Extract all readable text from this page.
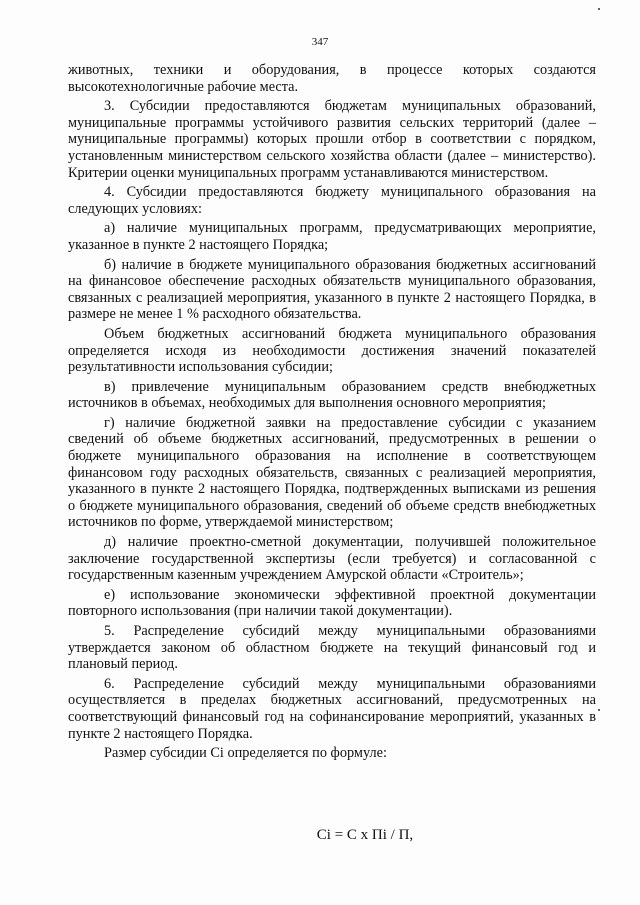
347

животных, техники и оборудования, в процессе которых создаются высокотехнологичные рабочие места.

3. Субсидии предоставляются бюджетам муниципальных образований, муниципальные программы устойчивого развития сельских территорий (далее – муниципальные программы) которых прошли отбор в соответствии с порядком, установленным министерством сельского хозяйства области (далее – министерство). Критерии оценки муниципальных программ устанавливаются министерством.

4. Субсидии предоставляются бюджету муниципального образования на следующих условиях:

а) наличие муниципальных программ, предусматривающих мероприятие, указанное в пункте 2 настоящего Порядка;

б) наличие в бюджете муниципального образования бюджетных ассигнований на финансовое обеспечение расходных обязательств муниципального образования, связанных с реализацией мероприятия, указанного в пункте 2 настоящего Порядка, в размере не менее 1 % расходного обязательства.

Объем бюджетных ассигнований бюджета муниципального образования определяется исходя из необходимости достижения значений показателей результативности использования субсидии;

в) привлечение муниципальным образованием средств внебюджетных источников в объемах, необходимых для выполнения основного мероприятия;

г) наличие бюджетной заявки на предоставление субсидии с указанием сведений об объеме бюджетных ассигнований, предусмотренных в решении о бюджете муниципального образования на исполнение в соответствующем финансовом году расходных обязательств, связанных с реализацией мероприятия, указанного в пункте 2 настоящего Порядка, подтвержденных выписками из решения о бюджете муниципального образования, сведений об объеме средств внебюджетных источников по форме, утверждаемой министерством;

д) наличие проектно-сметной документации, получившей положительное заключение государственной экспертизы (если требуется) и согласованной с государственным казенным учреждением Амурской области «Строитель»;

е) использование экономически эффективной проектной документации повторного использования (при наличии такой документации).

5. Распределение субсидий между муниципальными образованиями утверждается законом об областном бюджете на текущий финансовый год и плановый период.

6. Распределение субсидий между муниципальными образованиями осуществляется в пределах бюджетных ассигнований, предусмотренных на соответствующий финансовый год на софинансирование мероприятий, указанных в пункте 2 настоящего Порядка.

Размер субсидии Сi определяется по формуле:

Сi = С х Пi / П,
